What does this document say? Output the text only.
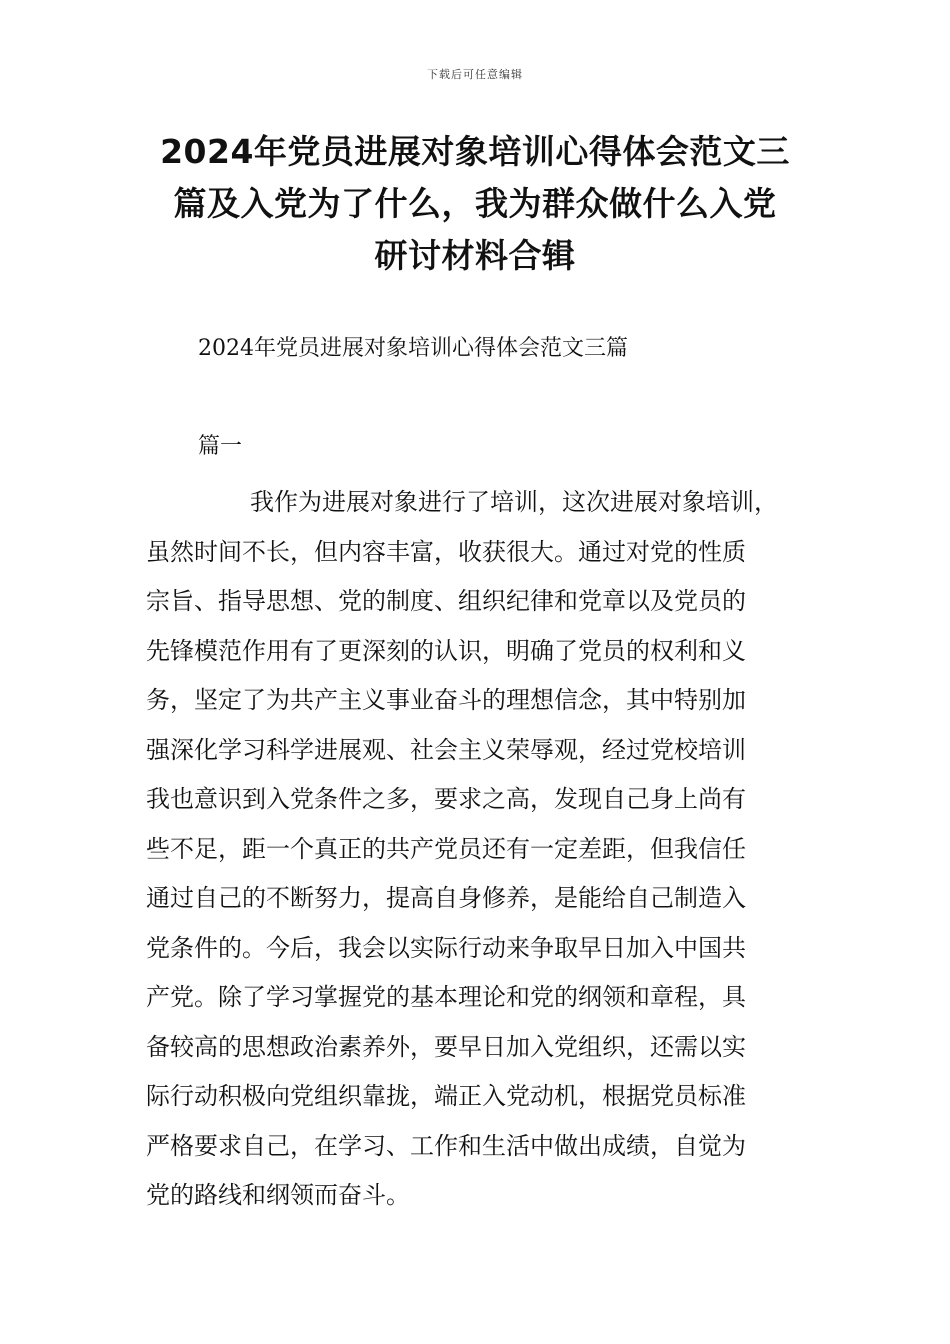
下载后可任意编辑
2024年党员进展对象培训心得体会范文三
篇及入党为了什么，我为群众做什么入党
研讨材料合辑
2024年党员进展对象培训心得体会范文三篇
篇一
我作为进展对象进行了培训，这次进展对象培训，
虽然时间不长，但内容丰富，收获很大。通过对党的性质
宗旨、指导思想、党的制度、组织纪律和党章以及党员的
先锋模范作用有了更深刻的认识，明确了党员的权利和义
务，坚定了为共产主义事业奋斗的理想信念，其中特别加
强深化学习科学进展观、社会主义荣辱观，经过党校培训
我也意识到入党条件之多，要求之高，发现自己身上尚有
些不足，距一个真正的共产党员还有一定差距，但我信任
通过自己的不断努力，提高自身修养，是能给自己制造入
党条件的。今后，我会以实际行动来争取早日加入中国共
产党。除了学习掌握党的基本理论和党的纲领和章程，具
备较高的思想政治素养外，要早日加入党组织，还需以实
际行动积极向党组织靠拢，端正入党动机，根据党员标准
严格要求自己，在学习、工作和生活中做出成绩，自觉为
党的路线和纲领而奋斗。
